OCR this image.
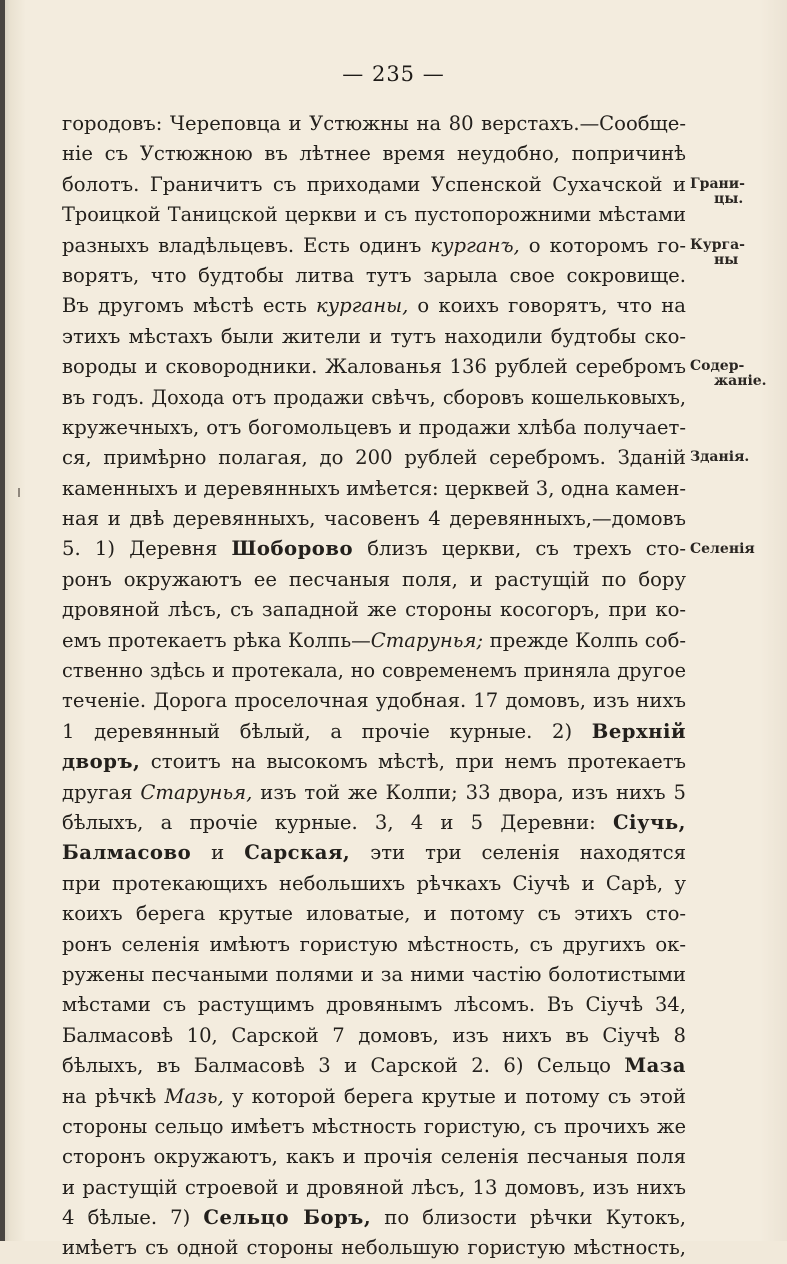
— 235 —
городовъ: Череповца и Устюжны на 80 верстахъ.—Сообще-
ніе съ Устюжною въ лѣтнее время неудобно, попричинѣ
болотъ. Граничитъ съ приходами Успенской Сухачской и
Троицкой Таницской церкви и съ пустопорожними мѣстами
разныхъ владѣльцевъ. Есть одинъ курганъ, о которомъ го-
ворятъ, что будтобы литва тутъ зарыла свое сокровище.
Въ другомъ мѣстѣ есть курганы, о коихъ говорятъ, что на
этихъ мѣстахъ были жители и тутъ находили будтобы ско-
вороды и сковородники. Жалованья 136 рублей серебромъ
въ годъ. Дохода отъ продажи свѣчъ, сборовъ кошельковыхъ,
кружечныхъ, отъ богомольцевъ и продажи хлѣба получает-
ся, примѣрно полагая, до 200 рублей серебромъ. Зданій
каменныхъ и деревянныхъ имѣется: церквей 3, одна камен-
ная и двѣ деревянныхъ, часовенъ 4 деревянныхъ,—домовъ
5. 1) Деревня Шоборово близъ церкви, съ трехъ сто-
ронъ окружаютъ ее песчаныя поля, и растущій по бору
дровяной лѣсъ, съ западной же стороны косогоръ, при ко-
емъ протекаетъ рѣка Колпь—Старунья; прежде Колпь соб-
ственно здѣсь и протекала, но современемъ приняла другое
теченіе. Дорога проселочная удобная. 17 домовъ, изъ нихъ
1 деревянный бѣлый, а прочіе курные. 2) Верхній
дворъ, стоитъ на высокомъ мѣстѣ, при немъ протекаетъ
другая Старунья, изъ той же Колпи; 33 двора, изъ нихъ 5
бѣлыхъ, а прочіе курные. 3, 4 и 5 Деревни: Сіучь,
Балмасово и Сарская, эти три селенія находятся
при протекающихъ небольшихъ рѣчкахъ Сіучѣ и Сарѣ, у
коихъ берега крутые иловатые, и потому съ этихъ сто-
ронъ селенія имѣютъ гористую мѣстность, съ другихъ ок-
ружены песчаными полями и за ними частію болотистыми
мѣстами съ растущимъ дровянымъ лѣсомъ. Въ Сіучѣ 34,
Балмасовѣ 10, Сарской 7 домовъ, изъ нихъ въ Сіучѣ 8
бѣлыхъ, въ Балмасовѣ 3 и Сарской 2. 6) Сельцо Маза
на рѣчкѣ Мазь, у которой берега крутые и потому съ этой
стороны сельцо имѣетъ мѣстность гористую, съ прочихъ же
сторонъ окружаютъ, какъ и прочія селенія песчаныя поля
и растущій строевой и дровяной лѣсъ, 13 домовъ, изъ нихъ
4 бѣлые. 7) Сельцо Боръ, по близости рѣчки Кутокъ,
имѣетъ съ одной стороны небольшую гористую мѣстность,
Грани-
цы.
Курга-
ны
Содер-
жаніе.
Зданія.
Селенія
